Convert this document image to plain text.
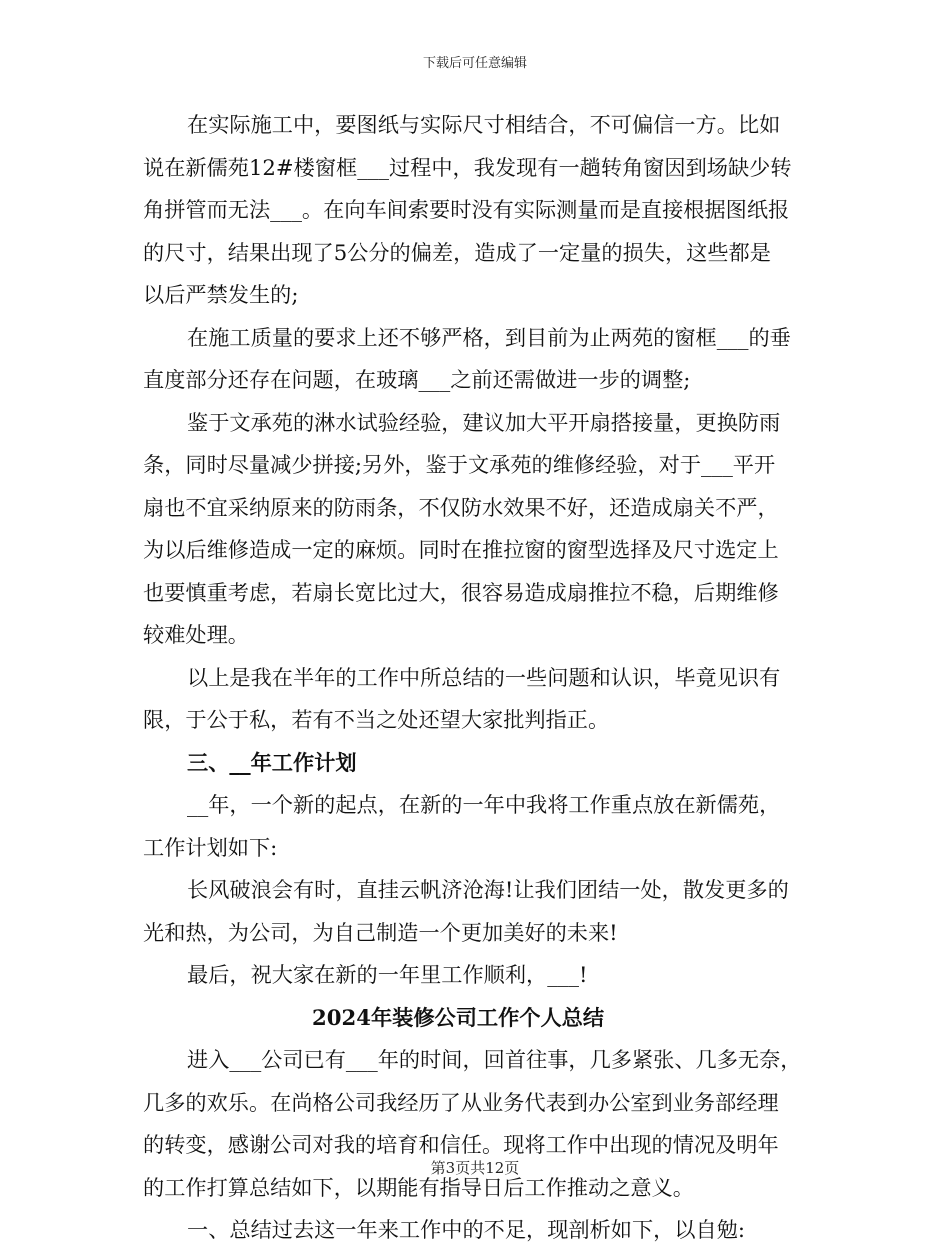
下载后可任意编辑
在实际施工中，要图纸与实际尺寸相结合，不可偏信一方。比如
说在新儒苑12#楼窗框___过程中，我发现有一趟转角窗因到场缺少转
角拼管而无法___。在向车间索要时没有实际测量而是直接根据图纸报
的尺寸，结果出现了5公分的偏差，造成了一定量的损失，这些都是
以后严禁发生的;
在施工质量的要求上还不够严格，到目前为止两苑的窗框___的垂
直度部分还存在问题，在玻璃___之前还需做进一步的调整;
鉴于文承苑的淋水试验经验，建议加大平开扇搭接量，更换防雨
条，同时尽量减少拼接;另外，鉴于文承苑的维修经验，对于___平开
扇也不宜采纳原来的防雨条，不仅防水效果不好，还造成扇关不严，
为以后维修造成一定的麻烦。同时在推拉窗的窗型选择及尺寸选定上
也要慎重考虑，若扇长宽比过大，很容易造成扇推拉不稳，后期维修
较难处理。
以上是我在半年的工作中所总结的一些问题和认识，毕竟见识有
限，于公于私，若有不当之处还望大家批判指正。
三、__年工作计划
__年，一个新的起点，在新的一年中我将工作重点放在新儒苑，
工作计划如下:
长风破浪会有时，直挂云帆济沧海!让我们团结一处，散发更多的
光和热，为公司，为自己制造一个更加美好的未来!
最后，祝大家在新的一年里工作顺利，___!
2024年装修公司工作个人总结
进入___公司已有___年的时间，回首往事，几多紧张、几多无奈，
几多的欢乐。在尚格公司我经历了从业务代表到办公室到业务部经理
的转变，感谢公司对我的培育和信任。现将工作中出现的情况及明年
的工作打算总结如下，以期能有指导日后工作推动之意义。
一、总结过去这一年来工作中的不足，现剖析如下，以自勉:
第3页共12页
